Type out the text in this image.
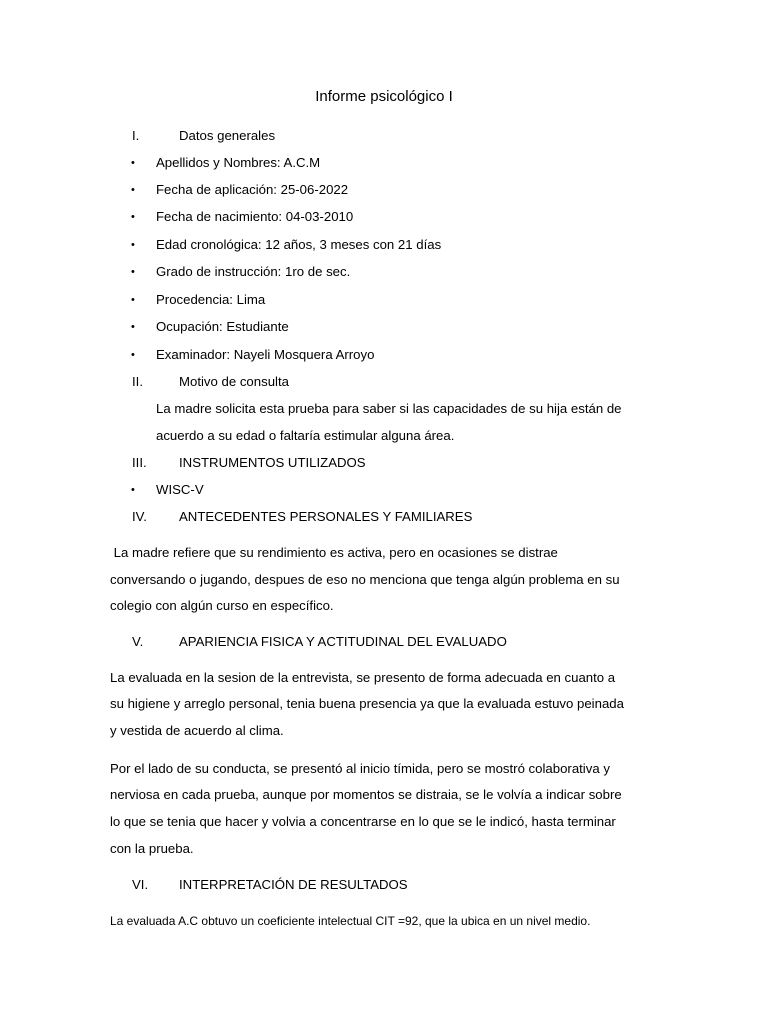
Informe psicológico I
I.	Datos generales
• Apellidos y Nombres: A.C.M
• Fecha de aplicación: 25-06-2022
• Fecha de nacimiento: 04-03-2010
• Edad cronológica: 12 años, 3 meses con 21 días
• Grado de instrucción: 1ro de sec.
• Procedencia: Lima
• Ocupación: Estudiante
• Examinador: Nayeli Mosquera Arroyo
II.	Motivo de consulta
La madre solicita esta prueba para saber si las capacidades de su hija están de
acuerdo a su edad o faltaría estimular alguna área.
III. INSTRUMENTOS UTILIZADOS
• WISC-V
IV. ANTECEDENTES PERSONALES Y FAMILIARES
La madre refiere que su rendimiento es activa, pero en ocasiones se distrae
conversando o jugando, despues de eso no menciona que tenga algún problema en su
colegio con algún curso en específico.
V.	APARIENCIA FISICA Y ACTITUDINAL DEL EVALUADO
La evaluada en la sesion de la entrevista, se presento de forma adecuada en cuanto a
su higiene y arreglo personal, tenia buena presencia ya que la evaluada estuvo peinada
y vestida de acuerdo al clima.
Por el lado de su conducta, se presentó al inicio tímida, pero se mostró colaborativa y
nerviosa en cada prueba, aunque por momentos se distraia, se le volvía a indicar sobre
lo que se tenia que hacer y volvia a concentrarse en lo que se le indicó, hasta terminar
con la prueba.
VI. INTERPRETACIÓN DE RESULTADOS
La evaluada A.C obtuvo un coeficiente intelectual CIT =92, que la ubica en un nivel medio.
